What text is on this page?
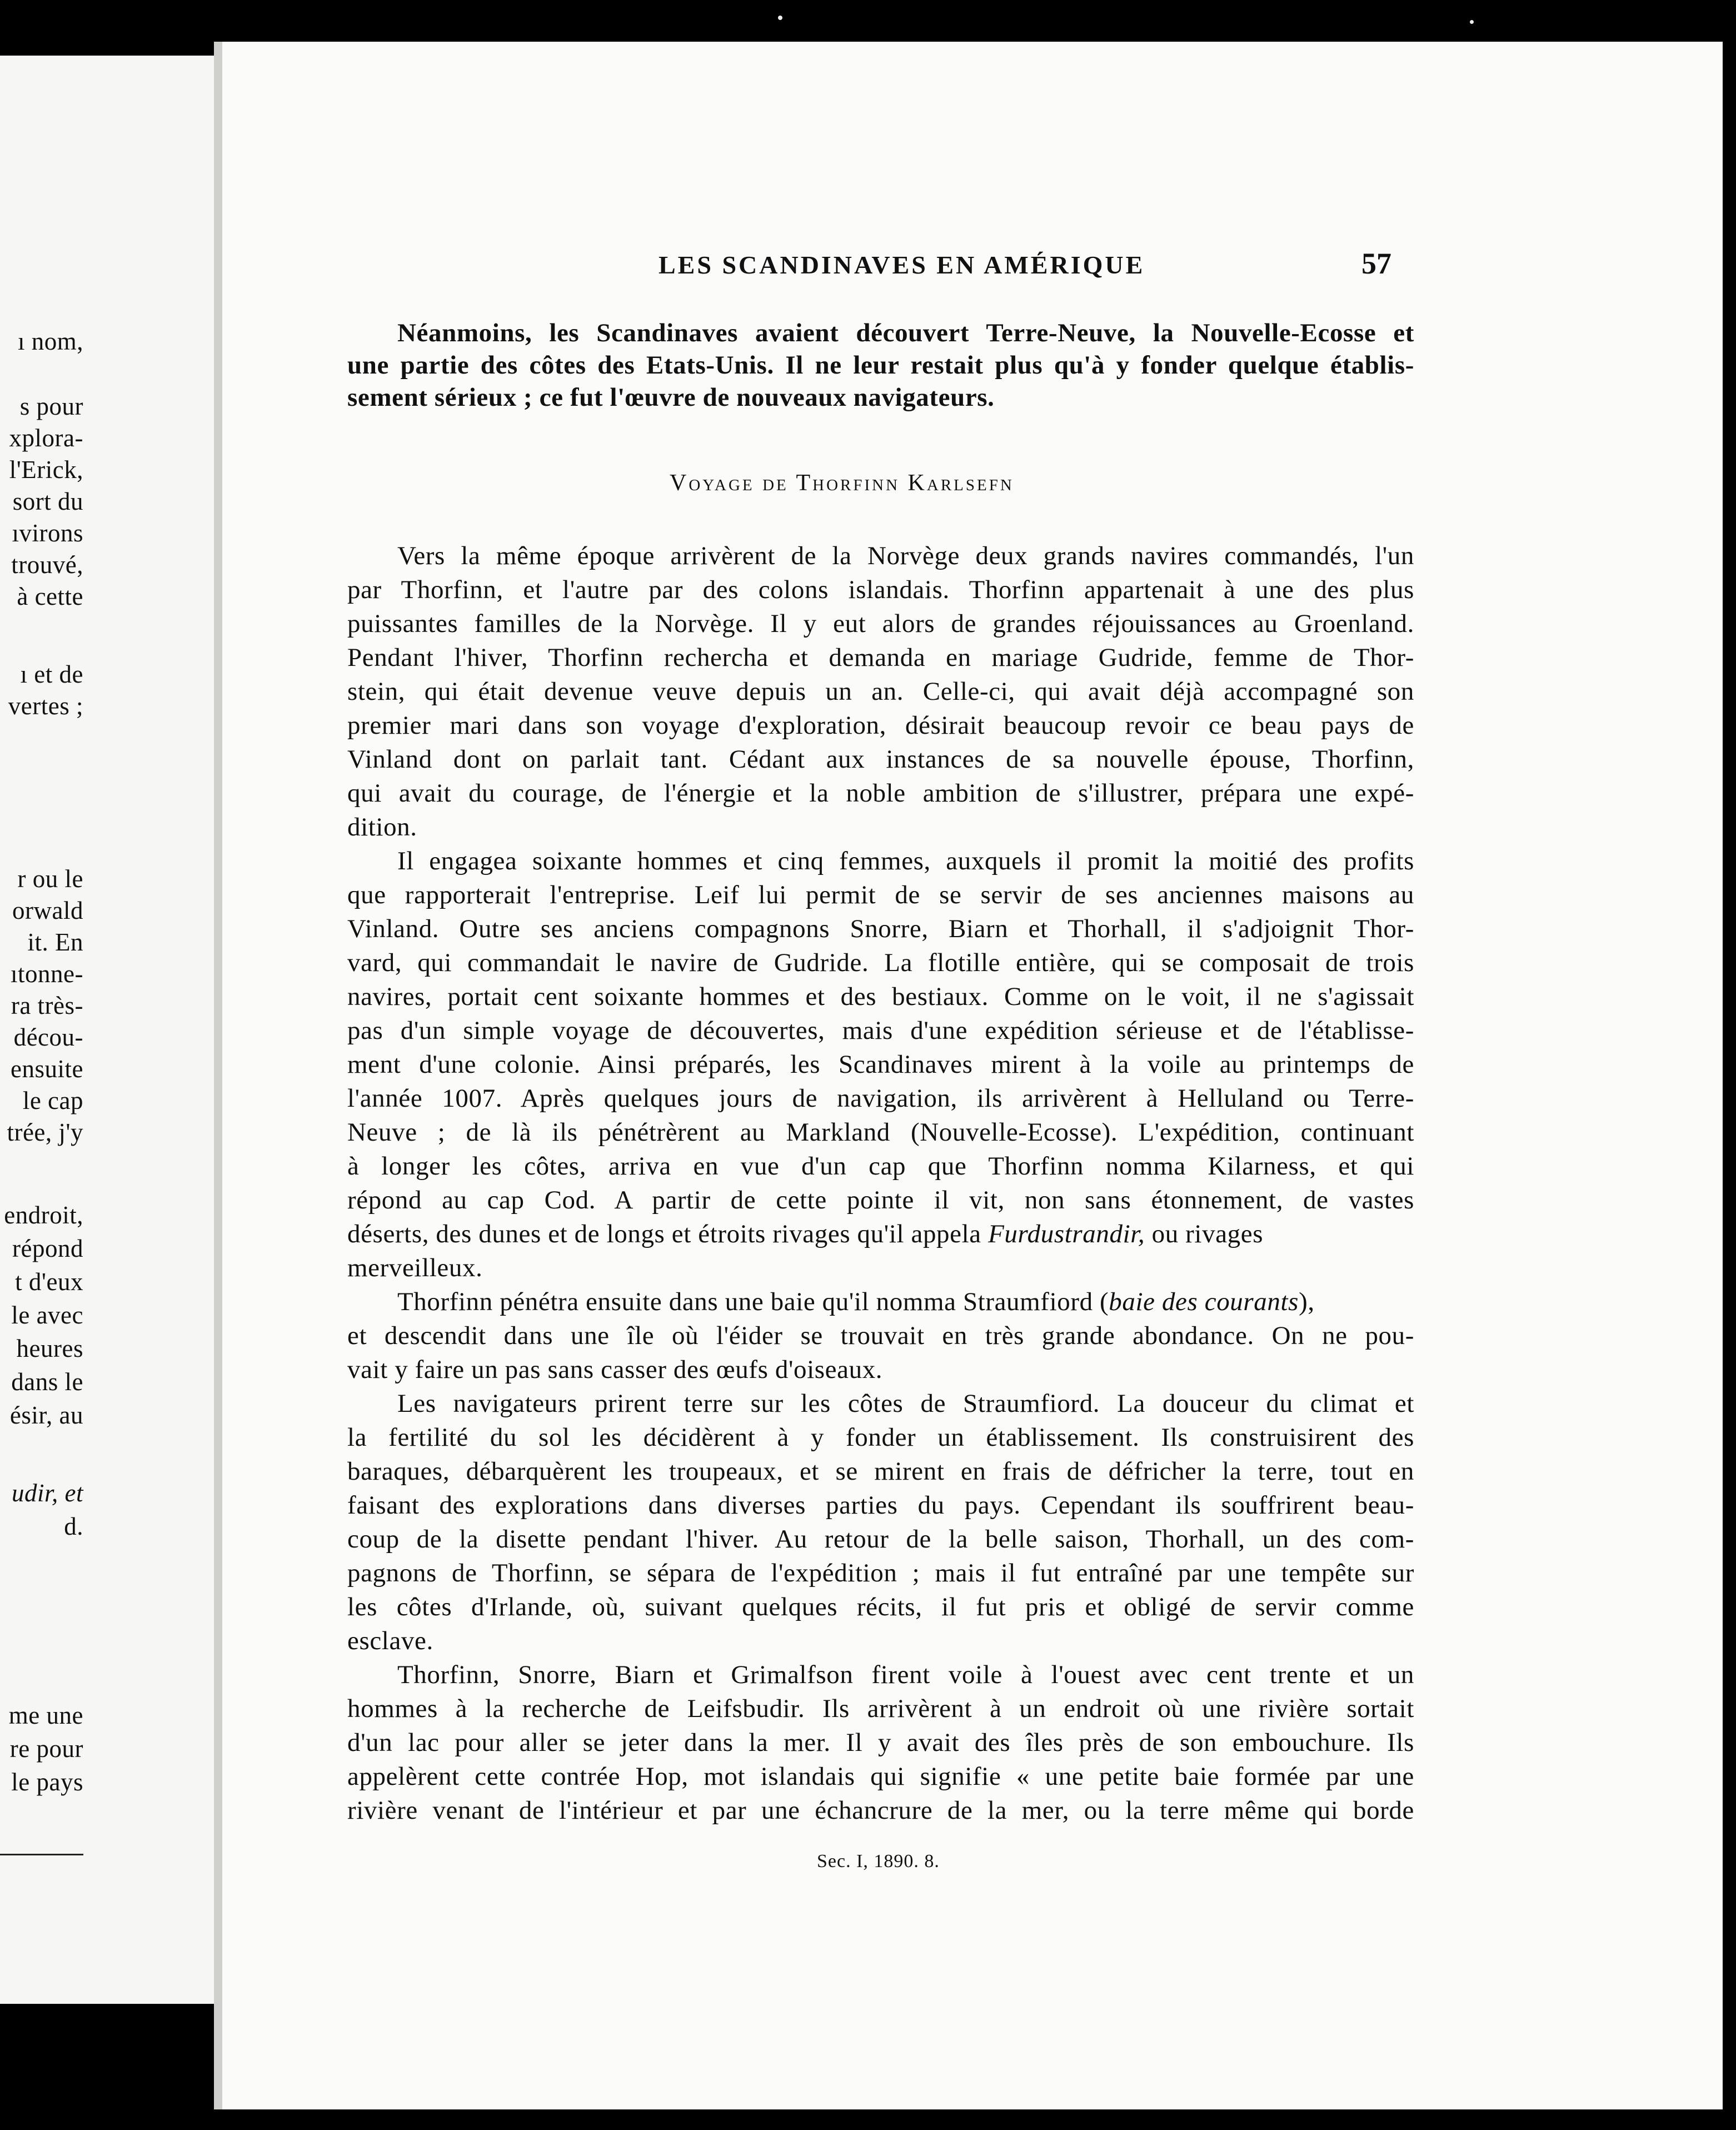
ı nom,
s pour
xplora-
l'Erick,
sort du
ıvirons
trouvé,
à cette
ı et de
vertes ;
r ou le
orwald
it. En
ıtonne-
ra très-
décou-
ensuite
le cap
trée, j'y
endroit,
répond
t d'eux
le avec
heures
dans le
ésir, au
udir, et
d.
me une
re pour
le pays
LES SCANDINAVES EN AMÉRIQUE	57
Néanmoins, les Scandinaves avaient découvert Terre-Neuve, la Nouvelle-Ecosse et
une partie des côtes des Etats-Unis. Il ne leur restait plus qu'à y fonder quelque établis-
sement sérieux ; ce fut l'œuvre de nouveaux navigateurs.
Voyage de Thorfinn Karlsefn
Vers la même époque arrivèrent de la Norvège deux grands navires commandés, l'un
par Thorfinn, et l'autre par des colons islandais. Thorfinn appartenait à une des plus
puissantes familles de la Norvège. Il y eut alors de grandes réjouissances au Groenland.
Pendant l'hiver, Thorfinn rechercha et demanda en mariage Gudride, femme de Thor-
stein, qui était devenue veuve depuis un an. Celle-ci, qui avait déjà accompagné son
premier mari dans son voyage d'exploration, désirait beaucoup revoir ce beau pays de
Vinland dont on parlait tant. Cédant aux instances de sa nouvelle épouse, Thorfinn,
qui avait du courage, de l'énergie et la noble ambition de s'illustrer, prépara une expé-
dition.
Il engagea soixante hommes et cinq femmes, auxquels il promit la moitié des profits
que rapporterait l'entreprise. Leif lui permit de se servir de ses anciennes maisons au
Vinland. Outre ses anciens compagnons Snorre, Biarn et Thorhall, il s'adjoignit Thor-
vard, qui commandait le navire de Gudride. La flotille entière, qui se composait de trois
navires, portait cent soixante hommes et des bestiaux. Comme on le voit, il ne s'agissait
pas d'un simple voyage de découvertes, mais d'une expédition sérieuse et de l'établisse-
ment d'une colonie. Ainsi préparés, les Scandinaves mirent à la voile au printemps de
l'année 1007. Après quelques jours de navigation, ils arrivèrent à Helluland ou Terre-
Neuve ; de là ils pénétrèrent au Markland (Nouvelle-Ecosse). L'expédition, continuant
à longer les côtes, arriva en vue d'un cap que Thorfinn nomma Kilarness, et qui
répond au cap Cod. A partir de cette pointe il vit, non sans étonnement, de vastes
déserts, des dunes et de longs et étroits rivages qu'il appela Furdustrandir, ou rivages
merveilleux.
Thorfinn pénétra ensuite dans une baie qu'il nomma Straumfiord (baie des courants),
et descendit dans une île où l'éider se trouvait en très grande abondance. On ne pou-
vait y faire un pas sans casser des œufs d'oiseaux.
Les navigateurs prirent terre sur les côtes de Straumfiord. La douceur du climat et
la fertilité du sol les décidèrent à y fonder un établissement. Ils construisirent des
baraques, débarquèrent les troupeaux, et se mirent en frais de défricher la terre, tout en
faisant des explorations dans diverses parties du pays. Cependant ils souffrirent beau-
coup de la disette pendant l'hiver. Au retour de la belle saison, Thorhall, un des com-
pagnons de Thorfinn, se sépara de l'expédition ; mais il fut entraîné par une tempête sur
les côtes d'Irlande, où, suivant quelques récits, il fut pris et obligé de servir comme
esclave.
Thorfinn, Snorre, Biarn et Grimalfson firent voile à l'ouest avec cent trente et un
hommes à la recherche de Leifsbudir. Ils arrivèrent à un endroit où une rivière sortait
d'un lac pour aller se jeter dans la mer. Il y avait des îles près de son embouchure. Ils
appelèrent cette contrée Hop, mot islandais qui signifie « une petite baie formée par une
rivière venant de l'intérieur et par une échancrure de la mer, ou la terre même qui borde
Sec. I, 1890. 8.
